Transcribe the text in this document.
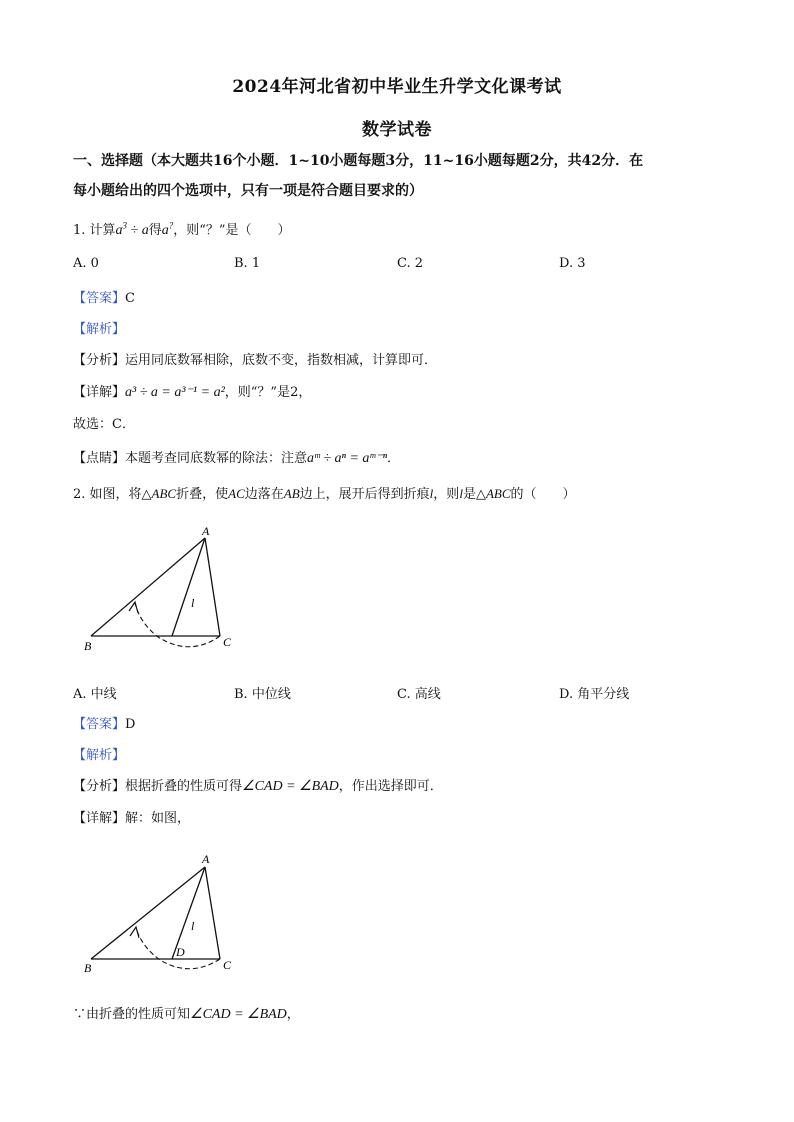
2024年河北省初中毕业生升学文化课考试
数学试卷
一、选择题（本大题共16个小题．1~10小题每题3分，11~16小题每题2分，共42分．在
每小题给出的四个选项中，只有一项是符合题目要求的）
1. 计算$a^3 \div a$得a?，则“？”是（　　）
A. 0	B. 1	C. 2	D. 3
【答案】C
【解析】
【分析】运用同底数幂相除，底数不变，指数相减，计算即可．
【详解】a³ ÷ a = a³⁻¹ = a²，则“？”是2，
故选：C．
【点睛】本题考查同底数幂的除法：注意aᵐ ÷ aⁿ = aᵐ⁻ⁿ．
2. 如图，将△ABC折叠，使AC边落在AB边上，展开后得到折痕l，则l是△ABC的（　　）
A
B	C
l
A. 中线	B. 中位线	C. 高线	D. 角平分线
【答案】D
【解析】
【分析】根据折叠的性质可得∠CAD = ∠BAD，作出选择即可．
【详解】解：如图，
A
B	C
D
l
∵由折叠的性质可知∠CAD = ∠BAD，
